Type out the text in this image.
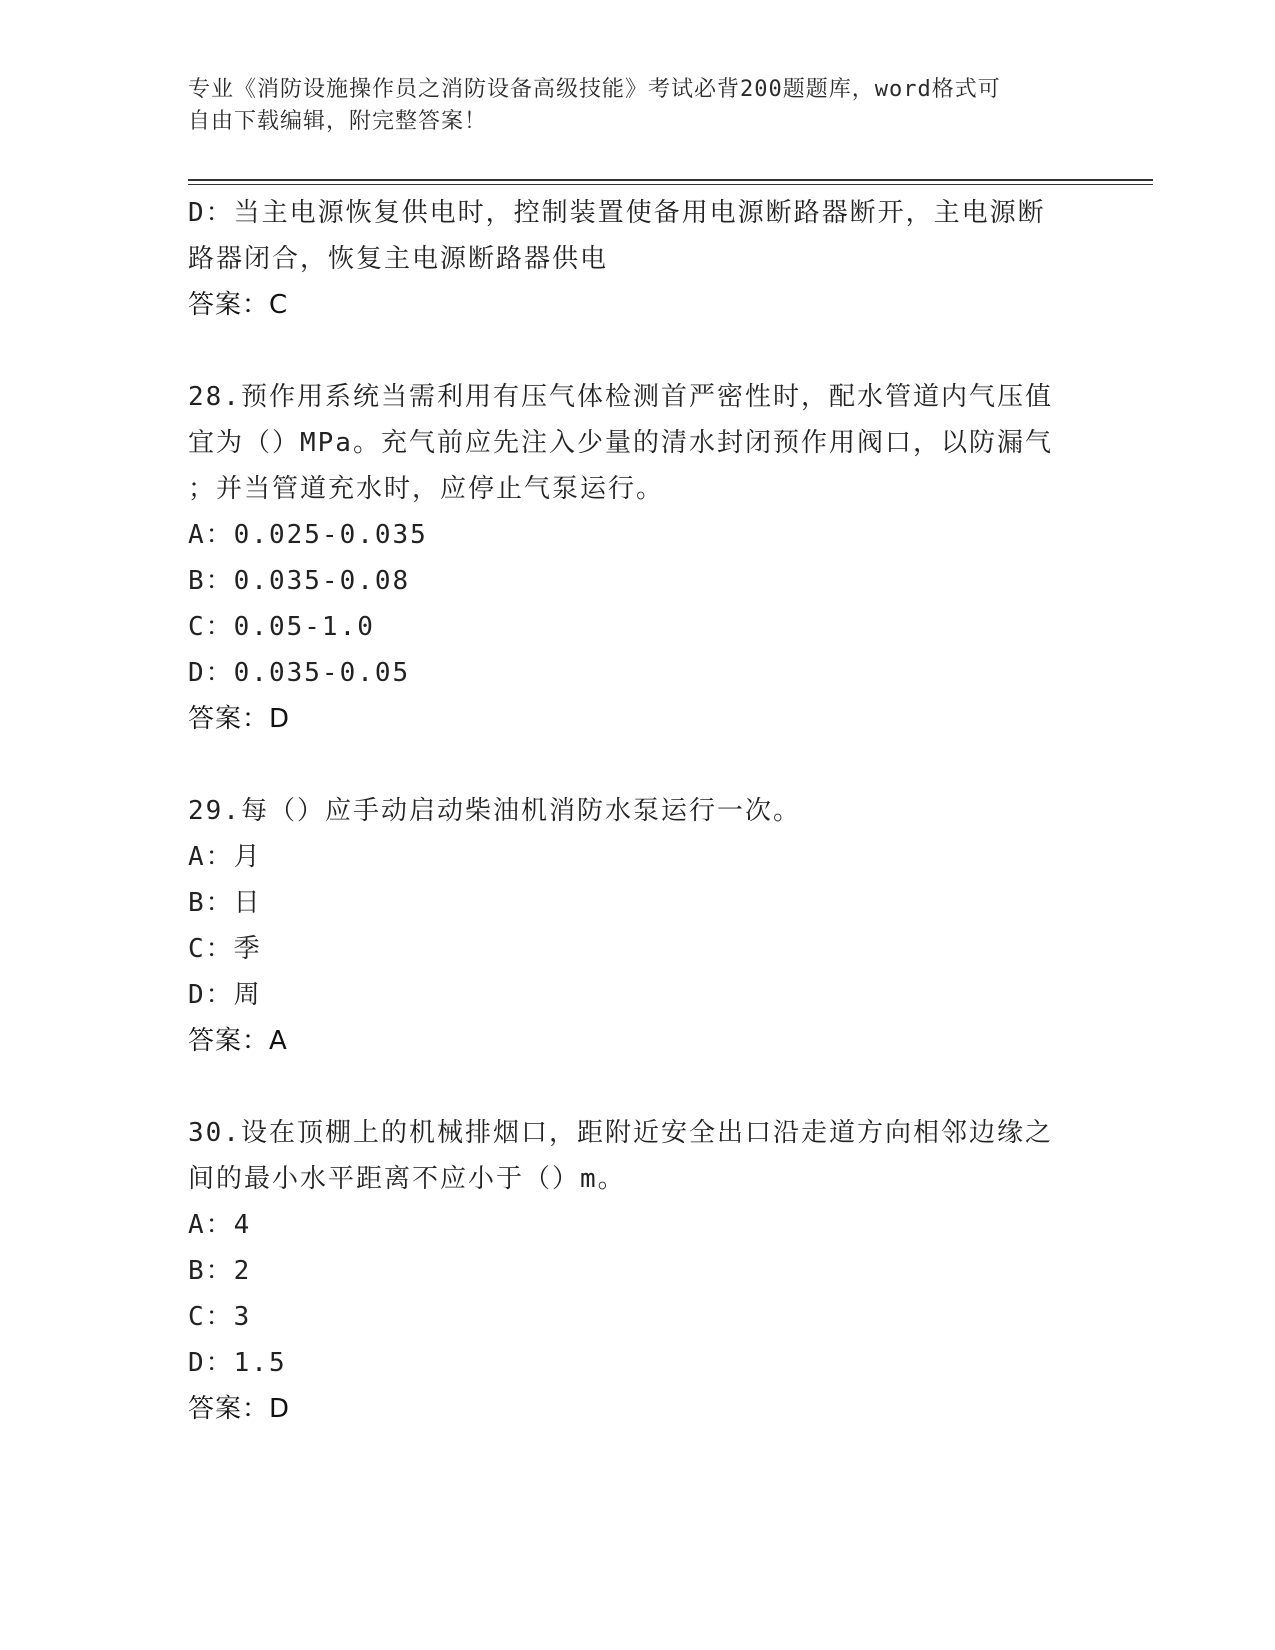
专业《消防设施操作员之消防设备高级技能》考试必背200题题库，word格式可
自由下载编辑，附完整答案！
D：当主电源恢复供电时，控制装置使备用电源断路器断开，主电源断
路器闭合，恢复主电源断路器供电
答案：C
28.预作用系统当需利用有压气体检测首严密性时，配水管道内气压值
宜为（）MPa。充气前应先注入少量的清水封闭预作用阀口，以防漏气
；并当管道充水时，应停止气泵运行。
A：0.025-0.035
B：0.035-0.08
C：0.05-1.0
D：0.035-0.05
答案：D
29.每（）应手动启动柴油机消防水泵运行一次。
A：月
B：日
C：季
D：周
答案：A
30.设在顶棚上的机械排烟口，距附近安全出口沿走道方向相邻边缘之
间的最小水平距离不应小于（）m。
A：4
B：2
C：3
D：1.5
答案：D
